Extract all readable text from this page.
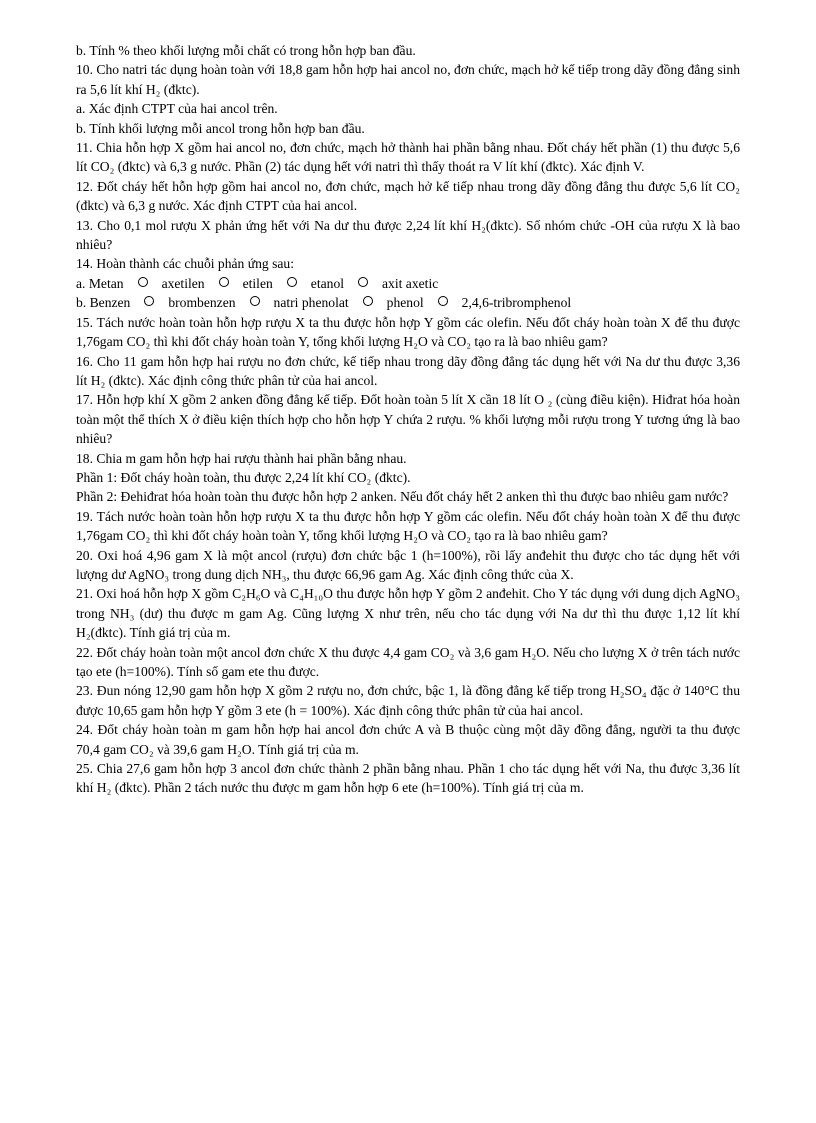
b. Tính % theo khối lượng mỗi chất có trong hỗn hợp ban đầu.

10. Cho natri tác dụng hoàn toàn với 18,8 gam hỗn hợp hai ancol no, đơn chức, mạch hở kế tiếp trong dãy đồng đẳng sinh ra 5,6 lít khí H₂ (đktc).

a. Xác định CTPT của hai ancol trên.

b. Tính khối lượng mỗi ancol trong hỗn hợp ban đầu.

11. Chia hỗn hợp X gồm hai ancol no, đơn chức, mạch hở thành hai phần bằng nhau. Đốt cháy hết phần (1) thu được 5,6 lít CO₂ (đktc) và 6,3 g nước. Phần (2) tác dụng hết với natri thì thấy thoát ra V lít khí (đktc). Xác định V.

12. Đốt cháy hết hỗn hợp gồm hai ancol no, đơn chức, mạch hở kế tiếp nhau trong dãy đồng đẳng thu được 5,6 lít CO₂ (đktc) và 6,3 g nước. Xác định CTPT của hai ancol.

13. Cho 0,1 mol rượu X phản ứng hết với Na dư thu được 2,24 lít khí H₂(đktc). Số nhóm chức -OH của rượu X là bao nhiêu?

14. Hoàn thành các chuỗi phản ứng sau:

a. Metan	axetilen	etilen	etanol	axit axetic
b. Benzen	brombenzen	natri phenolat	phenol	2,4,6-tribromphenol

15. Tách nước hoàn toàn hỗn hợp rượu X ta thu được hỗn hợp Y gồm các olefin. Nếu đốt cháy hoàn toàn X để thu được 1,76gam CO₂ thì khi đốt cháy hoàn toàn Y, tổng khối lượng H₂O và CO₂ tạo ra là bao nhiêu gam?

16. Cho 11 gam hỗn hợp hai rượu no đơn chức, kế tiếp nhau trong dãy đồng đẳng tác dụng hết với Na dư thu được 3,36 lít H₂ (đktc). Xác định công thức phân tử của hai ancol.

17. Hỗn hợp khí X gồm 2 anken đồng đẳng kế tiếp. Đốt hoàn toàn 5 lít X cần 18 lít O ₂ (cùng điều kiện). Hiđrat hóa hoàn toàn một thể thích X ở điều kiện thích hợp cho hỗn hợp Y chứa 2 rượu. % khối lượng mỗi rượu trong Y tương ứng là bao nhiêu?

18. Chia m gam hỗn hợp hai rượu thành hai phần bằng nhau.

Phần 1: Đốt cháy hoàn toàn, thu được 2,24 lít khí CO₂ (đktc).

Phần 2: Đehiđrat hóa hoàn toàn thu được hỗn hợp 2 anken. Nếu đốt cháy hết 2 anken thì thu được bao nhiêu gam nước?

19. Tách nước hoàn toàn hỗn hợp rượu X ta thu được hỗn hợp Y gồm các olefin. Nếu đốt cháy hoàn toàn X để thu được 1,76gam CO₂ thì khi đốt cháy hoàn toàn Y, tổng khối lượng H₂O và CO₂ tạo ra là bao nhiêu gam?

20. Oxi hoá 4,96 gam X là một ancol (rượu) đơn chức bậc 1 (h=100%), rồi lấy anđehit thu được cho tác dụng hết với lượng dư AgNO₃ trong dung dịch NH₃, thu được 66,96 gam Ag. Xác định công thức của X.

21. Oxi hoá hỗn hợp X gồm C₂H₆O và C₄H₁₀O thu được hỗn hợp Y gồm 2 anđehit. Cho Y tác dụng với dung dịch AgNO₃ trong NH₃ (dư) thu được m gam Ag. Cũng lượng X như trên, nếu cho tác dụng với Na dư thì thu được 1,12 lít khí H₂(đktc). Tính giá trị của m.

22. Đốt cháy hoàn toàn một ancol đơn chức X thu được 4,4 gam CO₂ và 3,6 gam H₂O. Nếu cho lượng X ở trên tách nước tạo ete (h=100%). Tính số gam ete thu được.

23. Đun nóng 12,90 gam hỗn hợp X gồm 2 rượu no, đơn chức, bậc 1, là đồng đẳng kế tiếp trong H₂SO₄ đặc ở 140°C thu được 10,65 gam hỗn hợp Y gồm 3 ete (h = 100%). Xác định công thức phân tử của hai ancol.

24. Đốt cháy hoàn toàn m gam hỗn hợp hai ancol đơn chức A và B thuộc cùng một dãy đồng đẳng, người ta thu được 70,4 gam CO₂ và 39,6 gam H₂O. Tính giá trị của m.

25. Chia 27,6 gam hỗn hợp 3 ancol đơn chức thành 2 phần bằng nhau. Phần 1 cho tác dụng hết với Na, thu được 3,36 lít khí H₂ (đktc). Phần 2 tách nước thu được m gam hỗn hợp 6 ete (h=100%). Tính giá trị của m.
